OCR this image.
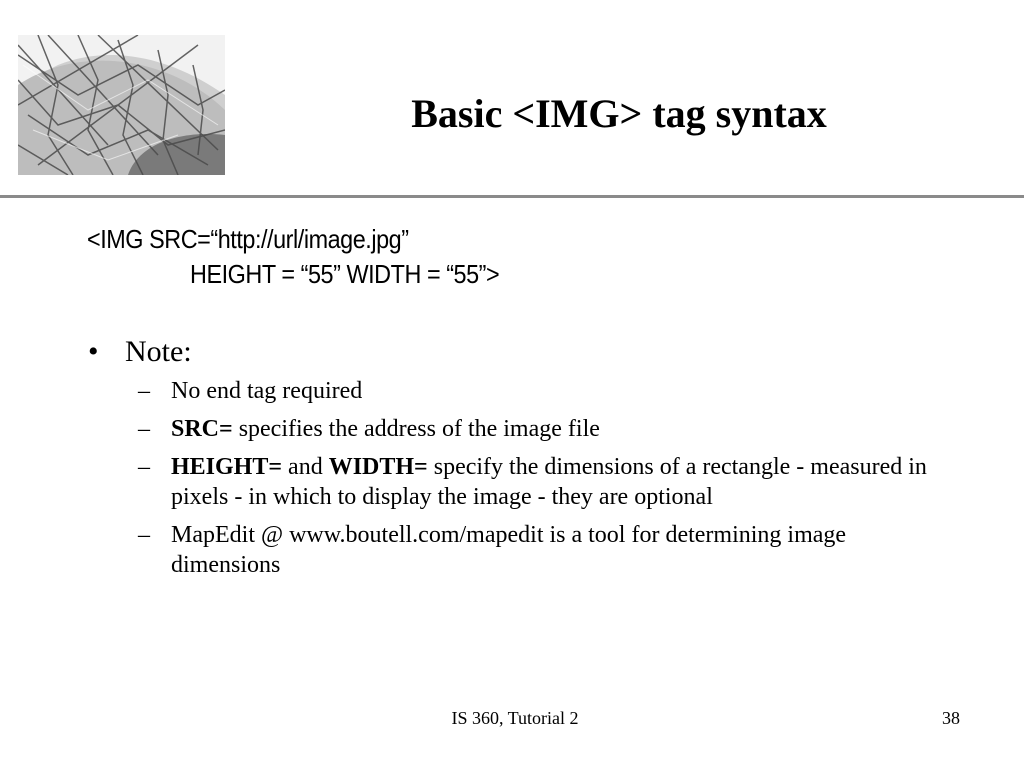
Basic <IMG> tag syntax
<IMG SRC=“http://url/image.jpg”
HEIGHT = “55” WIDTH = “55”>
• Note:
– No end tag required
– SRC= specifies the address of the image file
– HEIGHT= and WIDTH= specify the dimensions of a rectangle - measured in pixels - in which to display the image - they are optional
– MapEdit @ www.boutell.com/mapedit is a tool for determining image dimensions
IS 360, Tutorial 2	38
